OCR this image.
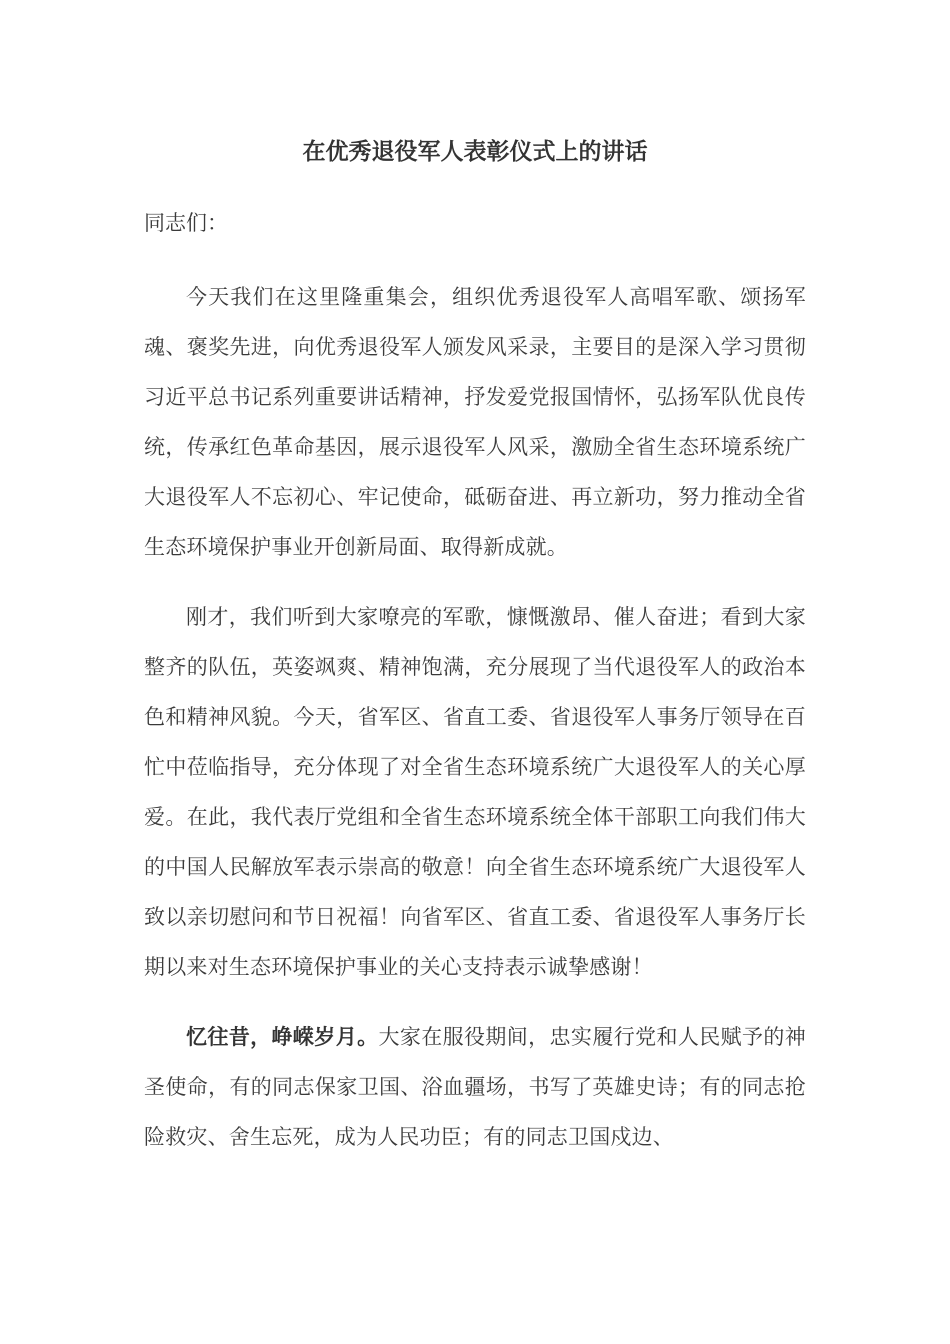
在优秀退役军人表彰仪式上的讲话
同志们：

今天我们在这里隆重集会，组织优秀退役军人高唱军歌、颂扬军魂、褒奖先进，向优秀退役军人颁发风采录，主要目的是深入学习贯彻习近平总书记系列重要讲话精神，抒发爱党报国情怀，弘扬军队优良传统，传承红色革命基因，展示退役军人风采，激励全省生态环境系统广大退役军人不忘初心、牢记使命，砥砺奋进、再立新功，努力推动全省生态环境保护事业开创新局面、取得新成就。

刚才，我们听到大家嘹亮的军歌，慷慨激昂、催人奋进；看到大家整齐的队伍，英姿飒爽、精神饱满，充分展现了当代退役军人的政治本色和精神风貌。今天，省军区、省直工委、省退役军人事务厅领导在百忙中莅临指导，充分体现了对全省生态环境系统广大退役军人的关心厚爱。在此，我代表厅党组和全省生态环境系统全体干部职工向我们伟大的中国人民解放军表示崇高的敬意！向全省生态环境系统广大退役军人致以亲切慰问和节日祝福！向省军区、省直工委、省退役军人事务厅长期以来对生态环境保护事业的关心支持表示诚挚感谢！

忆往昔，峥嵘岁月。大家在服役期间，忠实履行党和人民赋予的神圣使命，有的同志保家卫国、浴血疆场，书写了英雄史诗；有的同志抢险救灾、舍生忘死，成为人民功臣；有的同志卫国戍边、
